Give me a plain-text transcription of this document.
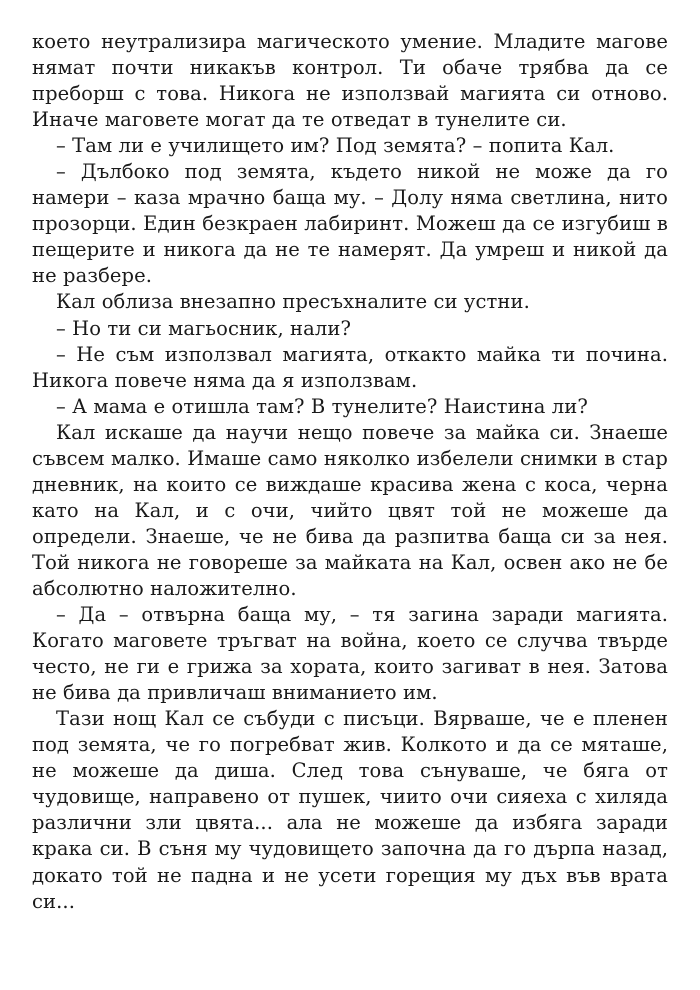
което неутрализира магическото умение. Младите магове нямат почти никакъв контрол. Ти обаче трябва да се преборш с това. Никога не използвай магията си отново. Иначе маговете могат да те отведат в тунелите си.

– Там ли е училището им? Под земята? – попита Кал.

– Дълбоко под земята, където никой не може да го намери – каза мрачно баща му. – Долу няма светлина, нито прозорци. Един безкраен лабиринт. Можеш да се изгубиш в пещерите и никога да не те намерят. Да умреш и никой да не разбере.

Кал облиза внезапно пресъхналите си устни.

– Но ти си магьосник, нали?

– Не съм използвал магията, откакто майка ти почина. Никога повече няма да я използвам.

– А мама е отишла там? В тунелите? Наистина ли?

Кал искаше да научи нещо повече за майка си. Знаеше съвсем малко. Имаше само няколко избелели снимки в стар дневник, на които се виждаше красива жена с коса, черна като на Кал, и с очи, чийто цвят той не можеше да определи. Знаеше, че не бива да разпитва баща си за нея. Той никога не говореше за майката на Кал, освен ако не бе абсолютно наложително.

– Да – отвърна баща му, – тя загина заради магията. Когато маговете тръгват на война, което се случва твърде често, не ги е грижа за хората, които загиват в нея. Затова не бива да привличаш вниманието им.

Тази нощ Кал се събуди с писъци. Вярваше, че е пленен под земята, че го погребват жив. Колкото и да се мяташе, не можеше да диша. След това сънуваше, че бяга от чудовище, направено от пушек, чиито очи сияеха с хиляда различни зли цвята... ала не можеше да избяга заради крака си. В съня му чудовището започна да го дърпа назад, докато той не падна и не усети горещия му дъх във врата си...
